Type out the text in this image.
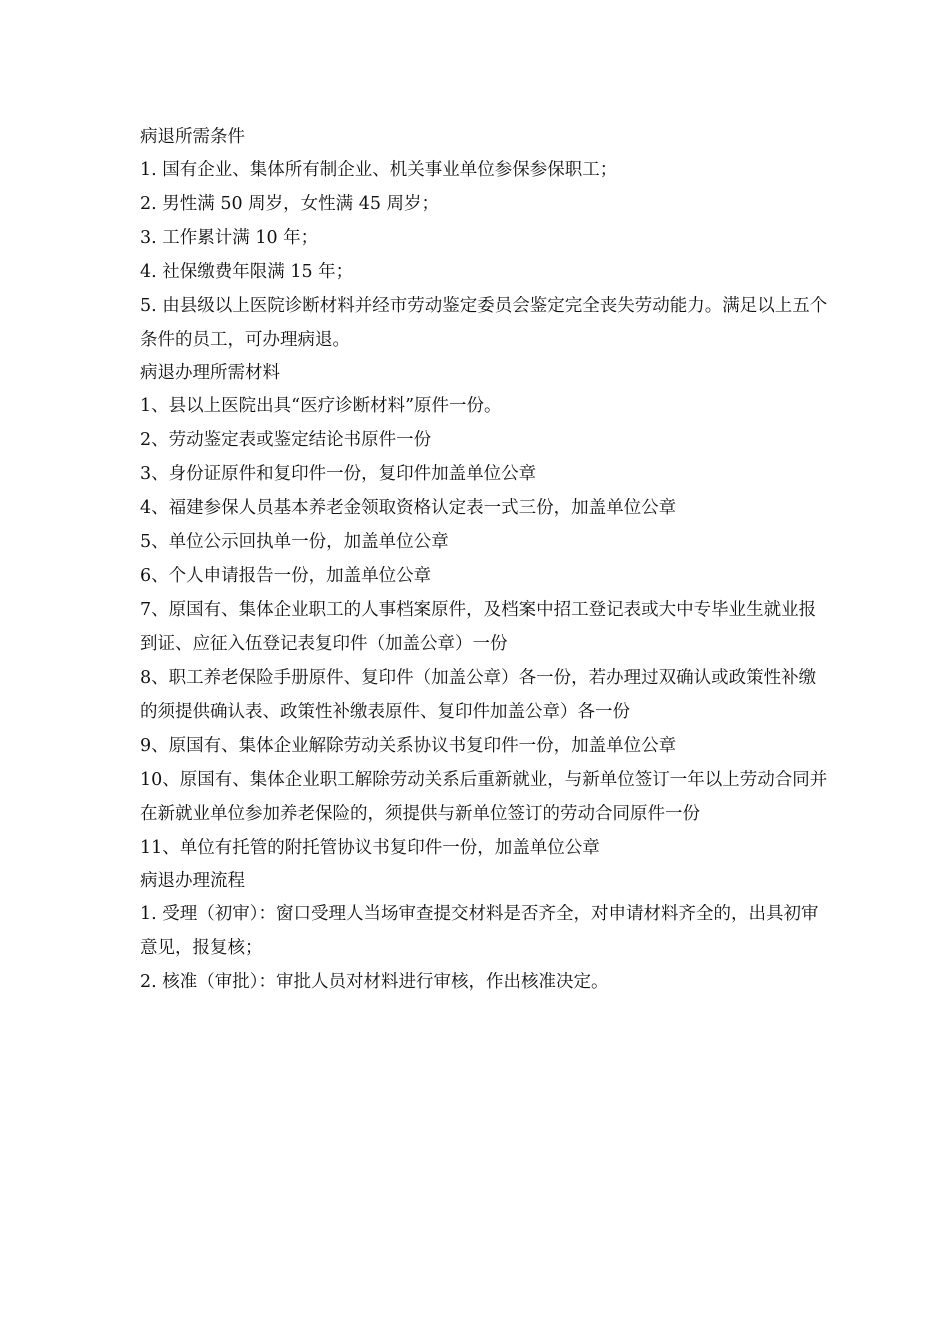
病退所需条件
1. 国有企业、集体所有制企业、机关事业单位参保参保职工；
2. 男性满 50 周岁，女性满 45 周岁；
3. 工作累计满 10 年；
4. 社保缴费年限满 15 年；
5. 由县级以上医院诊断材料并经市劳动鉴定委员会鉴定完全丧失劳动能力。满足以上五个条件的员工，可办理病退。
病退办理所需材料
1、县以上医院出具“医疗诊断材料”原件一份。
2、劳动鉴定表或鉴定结论书原件一份
3、身份证原件和复印件一份，复印件加盖单位公章
4、福建参保人员基本养老金领取资格认定表一式三份，加盖单位公章
5、单位公示回执单一份，加盖单位公章
6、个人申请报告一份，加盖单位公章
7、原国有、集体企业职工的人事档案原件，及档案中招工登记表或大中专毕业生就业报到证、应征入伍登记表复印件（加盖公章）一份
8、职工养老保险手册原件、复印件（加盖公章）各一份，若办理过双确认或政策性补缴的须提供确认表、政策性补缴表原件、复印件加盖公章）各一份
9、原国有、集体企业解除劳动关系协议书复印件一份，加盖单位公章
10、原国有、集体企业职工解除劳动关系后重新就业，与新单位签订一年以上劳动合同并在新就业单位参加养老保险的，须提供与新单位签订的劳动合同原件一份
11、单位有托管的附托管协议书复印件一份，加盖单位公章
病退办理流程
1. 受理（初审）：窗口受理人当场审查提交材料是否齐全，对申请材料齐全的，出具初审意见，报复核；
2. 核准（审批）：审批人员对材料进行审核，作出核准决定。
